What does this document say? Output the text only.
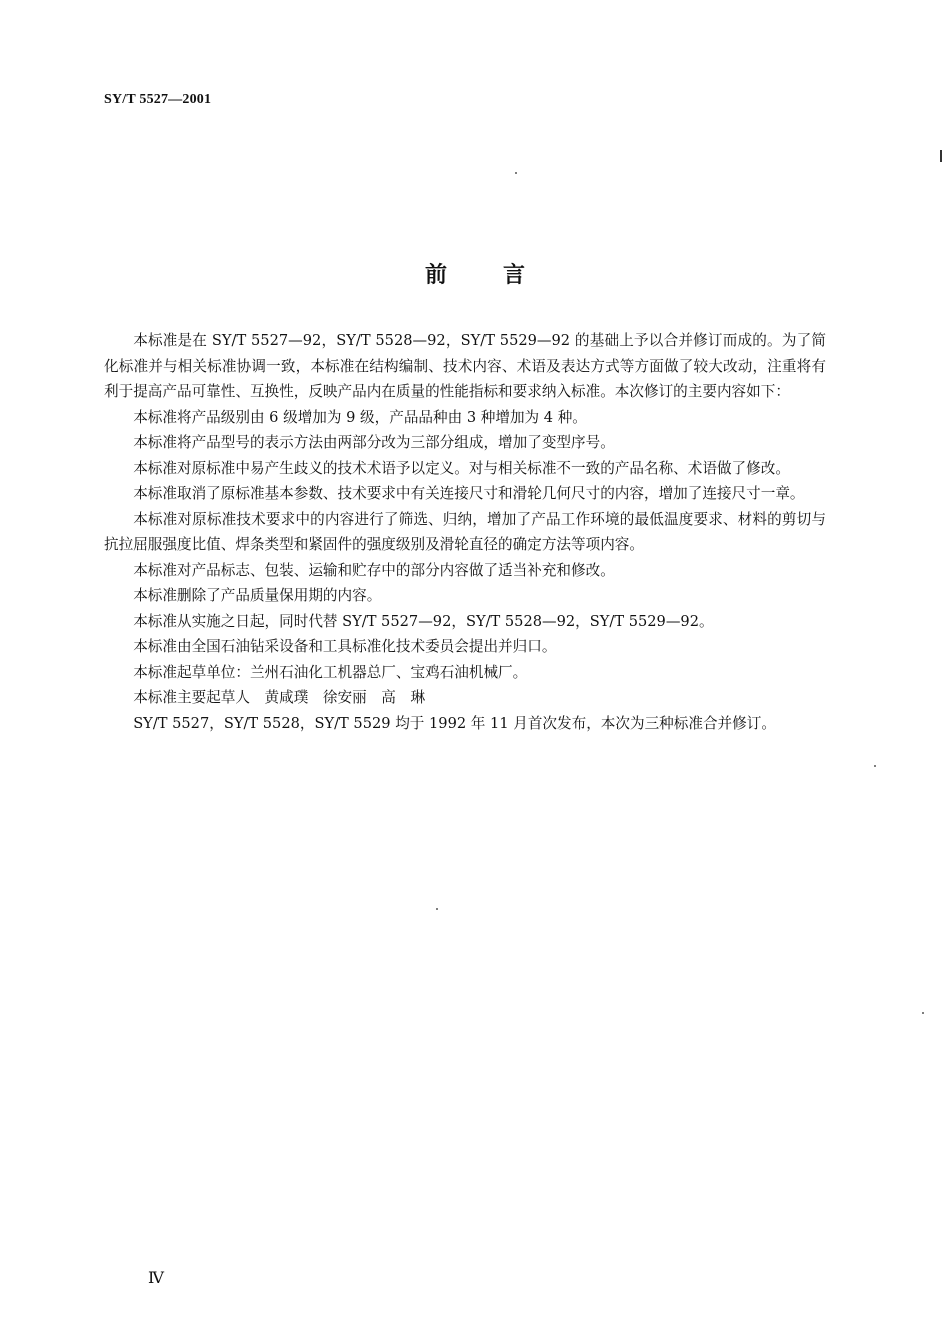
SY/T 5527—2001
前言

本标准是在 SY/T 5527—92，SY/T 5528—92，SY/T 5529—92 的基础上予以合并修订而成的。为了简化标准并与相关标准协调一致，本标准在结构编制、技术内容、术语及表达方式等方面做了较大改动，注重将有利于提高产品可靠性、互换性，反映产品内在质量的性能指标和要求纳入标准。本次修订的主要内容如下：

本标准将产品级别由 6 级增加为 9 级，产品品种由 3 种增加为 4 种。

本标准将产品型号的表示方法由两部分改为三部分组成，增加了变型序号。

本标准对原标准中易产生歧义的技术术语予以定义。对与相关标准不一致的产品名称、术语做了修改。

本标准取消了原标准基本参数、技术要求中有关连接尺寸和滑轮几何尺寸的内容，增加了连接尺寸一章。

本标准对原标准技术要求中的内容进行了筛选、归纳，增加了产品工作环境的最低温度要求、材料的剪切与抗拉屈服强度比值、焊条类型和紧固件的强度级别及滑轮直径的确定方法等项内容。

本标准对产品标志、包装、运输和贮存中的部分内容做了适当补充和修改。

本标准删除了产品质量保用期的内容。

本标准从实施之日起，同时代替 SY/T 5527—92，SY/T 5528—92，SY/T 5529—92。

本标准由全国石油钻采设备和工具标准化技术委员会提出并归口。

本标准起草单位：兰州石油化工机器总厂、宝鸡石油机械厂。

本标准主要起草人　黄咸璞　徐安丽　高　琳

SY/T 5527，SY/T 5528，SY/T 5529 均于 1992 年 11 月首次发布，本次为三种标准合并修订。

Ⅳ
